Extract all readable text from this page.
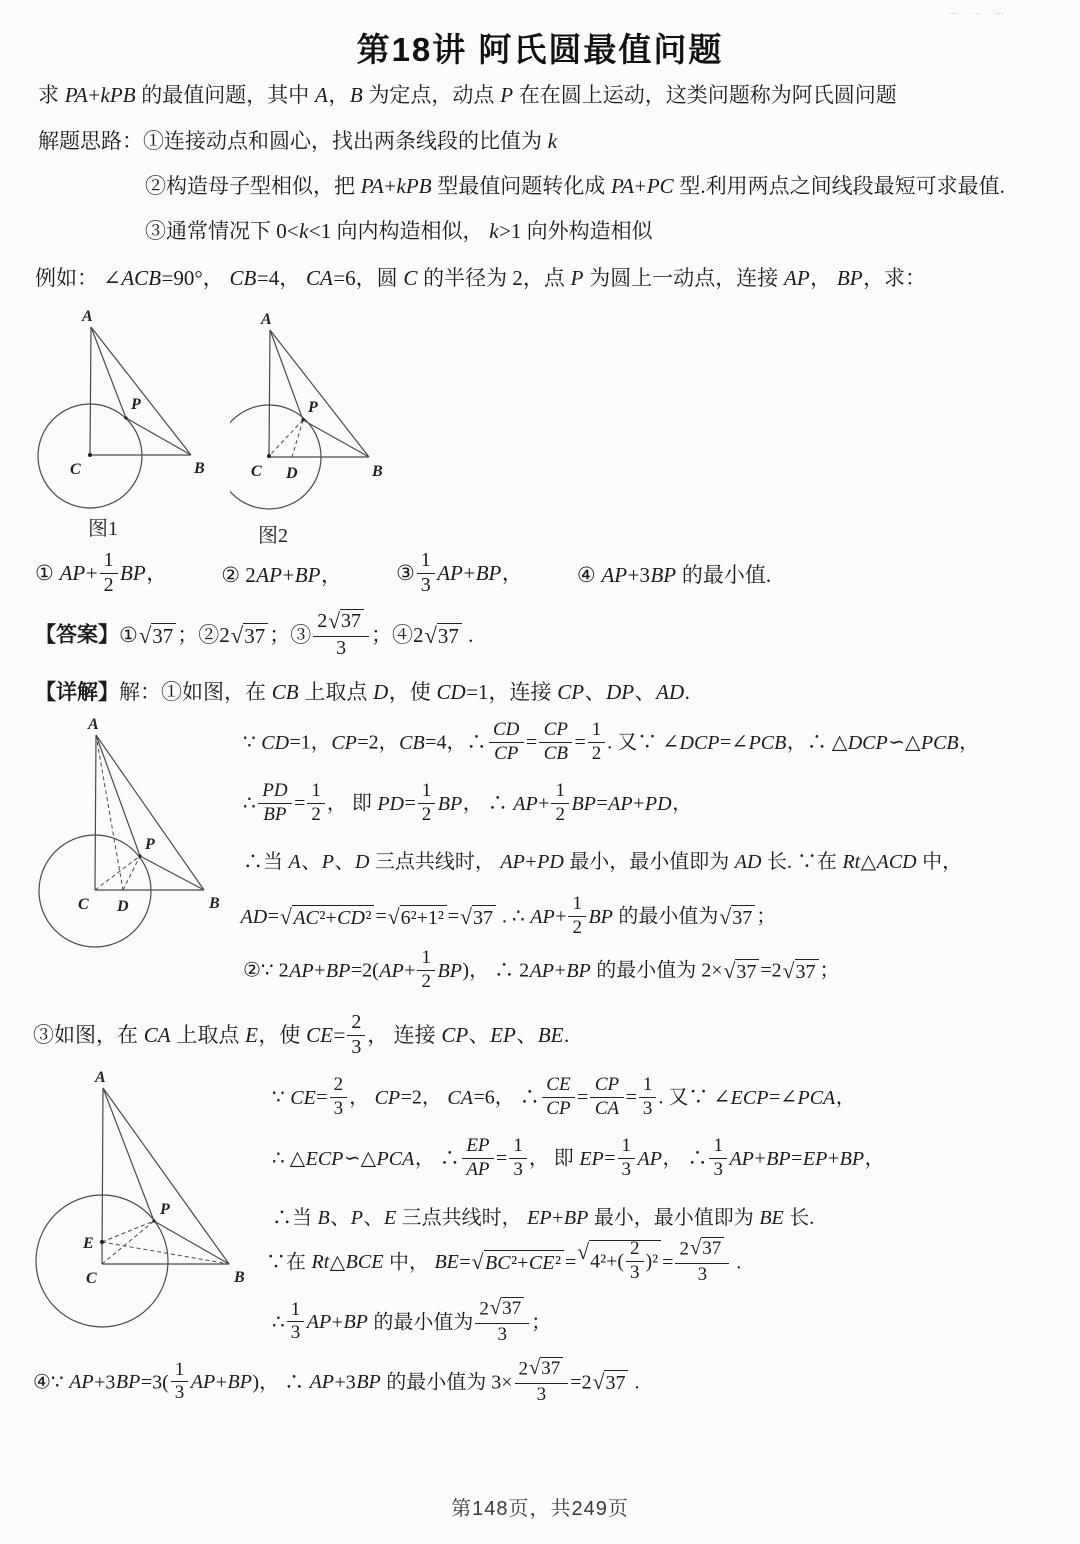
⋯ ⋯ ⋯
第18讲 阿氏圆最值问题

求 PA+kPB 的最值问题，其中 A，B 为定点，动点 P 在在圆上运动，这类问题称为阿氏圆问题

解题思路：①连接动点和圆心，找出两条线段的比值为 k

②构造母子型相似，把 PA+kPB 型最值问题转化成 PA+PC 型.利用两点之间线段最短可求最值.

③通常情况下 0<k<1 向内构造相似， k>1 向外构造相似

例如： ∠ACB=90°， CB=4， CA=6，圆 C 的半径为 2，点 P 为圆上一动点，连接 AP， BP，求：

A
P
C	B
图1
A
P
C D	B
图2
① $AP+ \frac{1}{2}$ BP，	② 2AP+BP，	③ $\frac{1}{3} AP+BP$，	④ AP+3BP 的最小值.
【答案】① √ 37 ；②2 √ 37 ；③ $\frac{2 √ 37}{3}$ ；④2 √ 37 .
【详解】解：①如图，在 CB 上取点 D，使 CD=1，连接 CP、DP、AD.
A
P
C D	B

∵ CD=1，CP=2，CB=4，∴ $\frac{CD}{CP} = \frac{CP}{CB} = \frac{1}{2}$ . 又∵ ∠DCP=∠PCB，∴ △DCP∽△PCB，

∴ $\frac{PD}{BP} = \frac{1}{2}$ ， 即 $PD= \frac{1}{2}$ BP， ∴ $AP+ \frac{1}{2} BP=AP+PD$，

∴当 A、P、D 三点共线时， AP+PD 最小，最小值即为 AD 长. ∵在 Rt△ACD 中，

AD= √ AC²+CD² = √ 6²+1² = √ 37 . ∴ $AP+ \frac{1}{2}$ BP 的最小值为 √ 37 ；

②∵ $2AP+BP=2(AP+ \frac{1}{2} BP)$， ∴ 2AP+BP 的最小值为 2× √ 37 =2 √ 37 ；

③如图，在 CA 上取点 E，使 $CE= \frac{2}{3}$ ， 连接 CP、EP、BE.

A
P
E
C	B

∵ $CE= \frac{2}{3}$ ， CP=2， CA=6， ∴ $\frac{CE}{CP} = \frac{CP}{CA} = \frac{1}{3}$ . 又∵ ∠ECP=∠PCA，

∴ △ECP∽△PCA， ∴ $\frac{EP}{AP} = \frac{1}{3}$ ， 即 $EP= \frac{1}{3}$ AP， ∴ $\frac{1}{3} AP+BP=EP+BP$，

∴当 B、P、E 三点共线时， EP+BP 最小，最小值即为 BE 长.

∵在 Rt△BCE 中， BE= √ BC²+CE² = √ $4^2+( \frac{2}{3} )^2 = \frac{2 √ 37}{3}$ .

∴ $\frac{1}{3} AP+BP$ 的最小值为 $\frac{2 √ 37}{3}$ ；

④∵ $AP+3BP=3( \frac{1}{3} AP+BP)$， ∴ AP+3BP 的最小值为 $3\times \frac{2 √ 37}{3} =2$ √ 37 .

第148页，共249页
